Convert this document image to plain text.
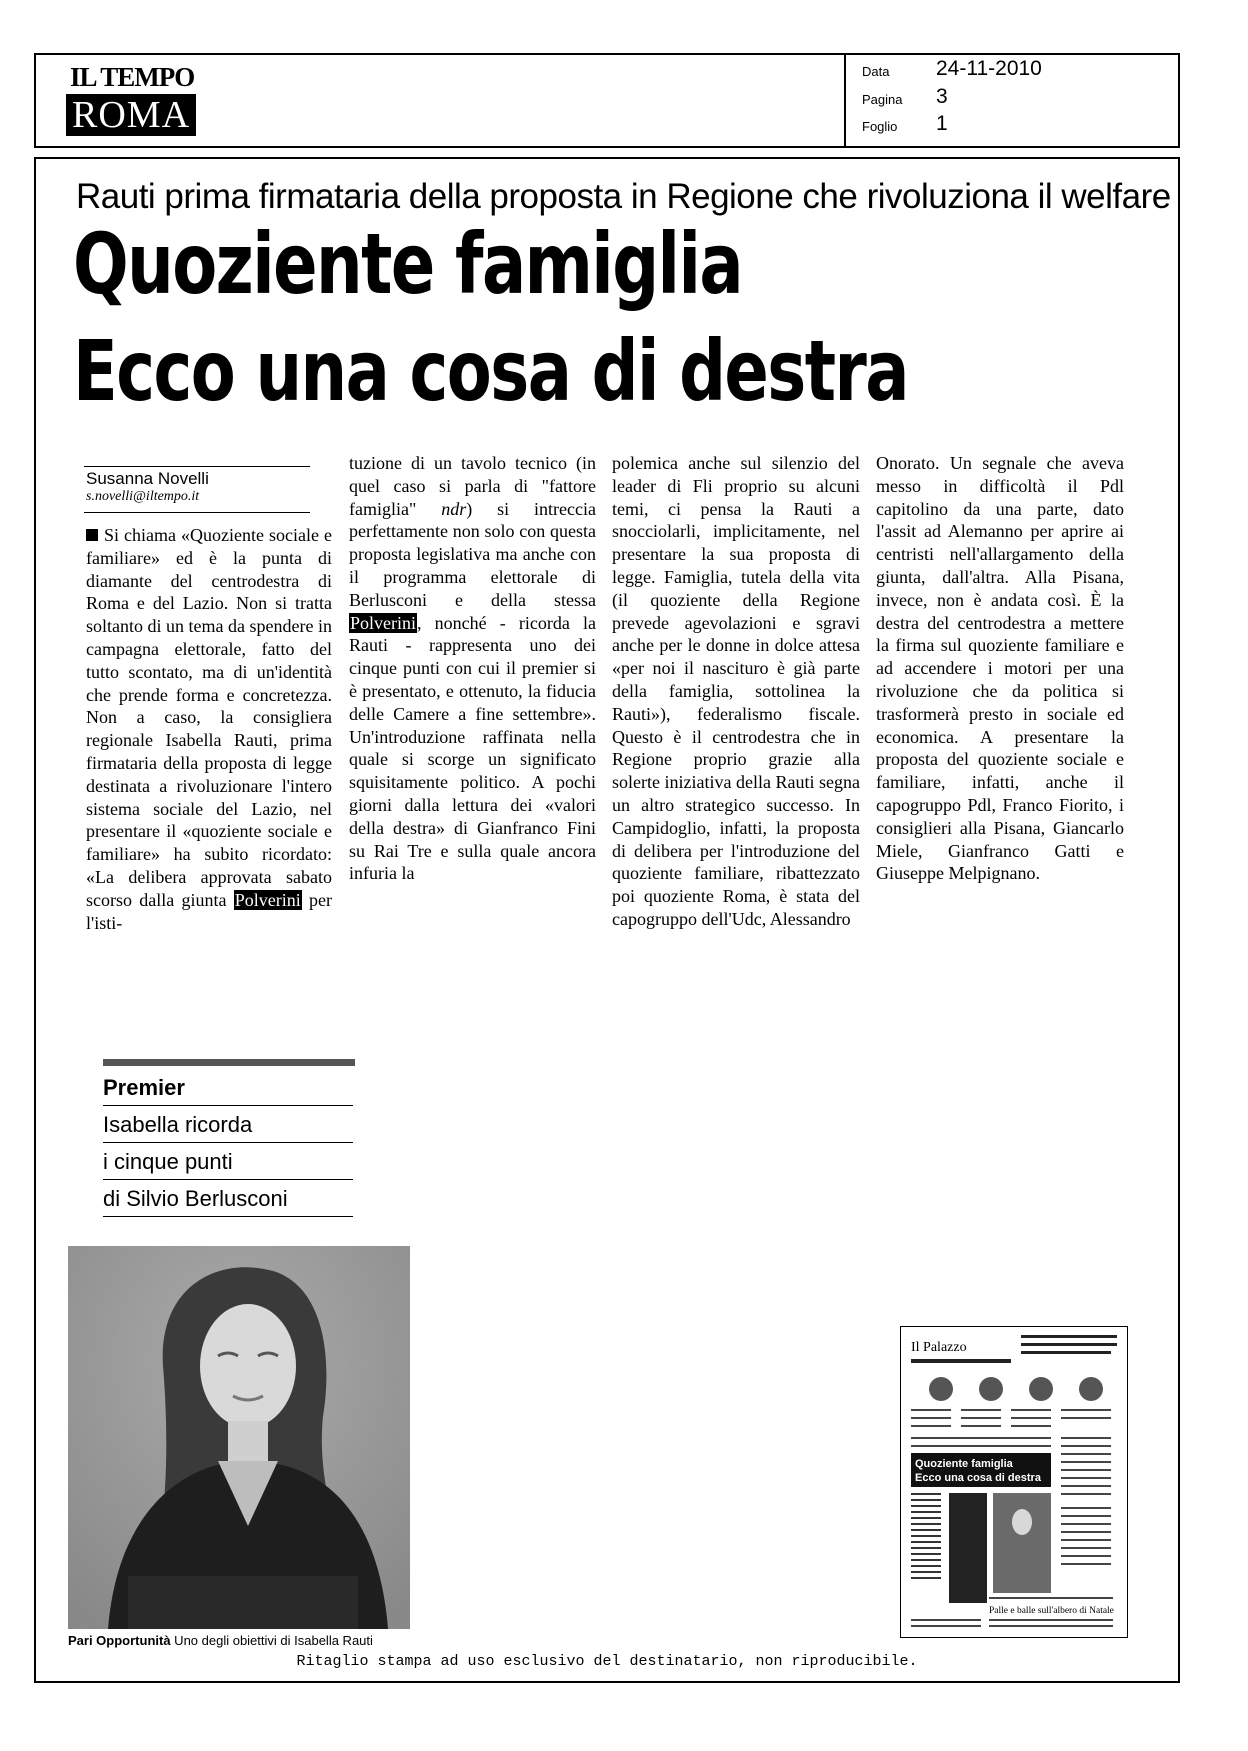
IL TEMPO
ROMA
Data 24-11-2010
Pagina 3
Foglio 1
Rauti prima firmataria della proposta in Regione che rivoluziona il welfare
Quoziente famiglia
Ecco una cosa di destra
Susanna Novelli
s.novelli@iltempo.it

Si chiama «Quoziente sociale e familiare» ed è la punta di diamante del centrodestra di Roma e del Lazio. Non si tratta soltanto di un tema da spendere in campagna elettorale, fatto del tutto scontato, ma di un'identità che prende forma e concretezza. Non a caso, la consigliera regionale Isabella Rauti, prima firmataria della proposta di legge destinata a rivoluzionare l'intero sistema sociale del Lazio, nel presentare il «quoziente sociale e familiare» ha subito ricordato: «La delibera approvata sabato scorso dalla giunta Polverini per l'isti-

tuzione di un tavolo tecnico (in quel caso si parla di "fattore famiglia" ndr) si intreccia perfettamente non solo con questa proposta legislativa ma anche con il programma elettorale di Berlusconi e della stessa Polverini, nonché - ricorda la Rauti - rappresenta uno dei cinque punti con cui il premier si è presentato, e ottenuto, la fiducia delle Camere a fine settembre». Un'introduzione raffinata nella quale si scorge un significato squisitamente politico. A pochi giorni dalla lettura dei «valori della destra» di Gianfranco Fini su Rai Tre e sulla quale ancora infuria la

polemica anche sul silenzio del leader di Fli proprio su alcuni temi, ci pensa la Rauti a snocciolarli, implicitamente, nel presentare la sua proposta di legge. Famiglia, tutela della vita (il quoziente della Regione prevede agevolazioni e sgravi anche per le donne in dolce attesa «per noi il nascituro è già parte della famiglia, sottolinea la Rauti»), federalismo fiscale. Questo è il centrodestra che in Regione proprio grazie alla solerte iniziativa della Rauti segna un altro strategico successo. In Campidoglio, infatti, la proposta di delibera per l'introduzione del quoziente familiare, ribattezzato poi quoziente Roma, è stata del capogruppo dell'Udc, Alessandro

Onorato. Un segnale che aveva messo in difficoltà il Pdl capitolino da una parte, dato l'assit ad Alemanno per aprire ai centristi nell'allargamento della giunta, dall'altra. Alla Pisana, invece, non è andata così. È la destra del centrodestra a mettere la firma sul quoziente familiare e ad accendere i motori per una rivoluzione che da politica si trasformerà presto in sociale ed economica. A presentare la proposta del quoziente sociale e familiare, infatti, anche il capogruppo Pdl, Franco Fiorito, i consiglieri alla Pisana, Giancarlo Miele, Gianfranco Gatti e Giuseppe Melpignano.

Premier
Isabella ricorda
i cinque punti
di Silvio Berlusconi
Pari Opportunità Uno degli obiettivi di Isabella Rauti
Il Palazzo
Quoziente famiglia
Ecco una cosa di destra
Palle e balle sull'albero di Natale
Ritaglio stampa ad uso esclusivo del destinatario, non riproducibile.
